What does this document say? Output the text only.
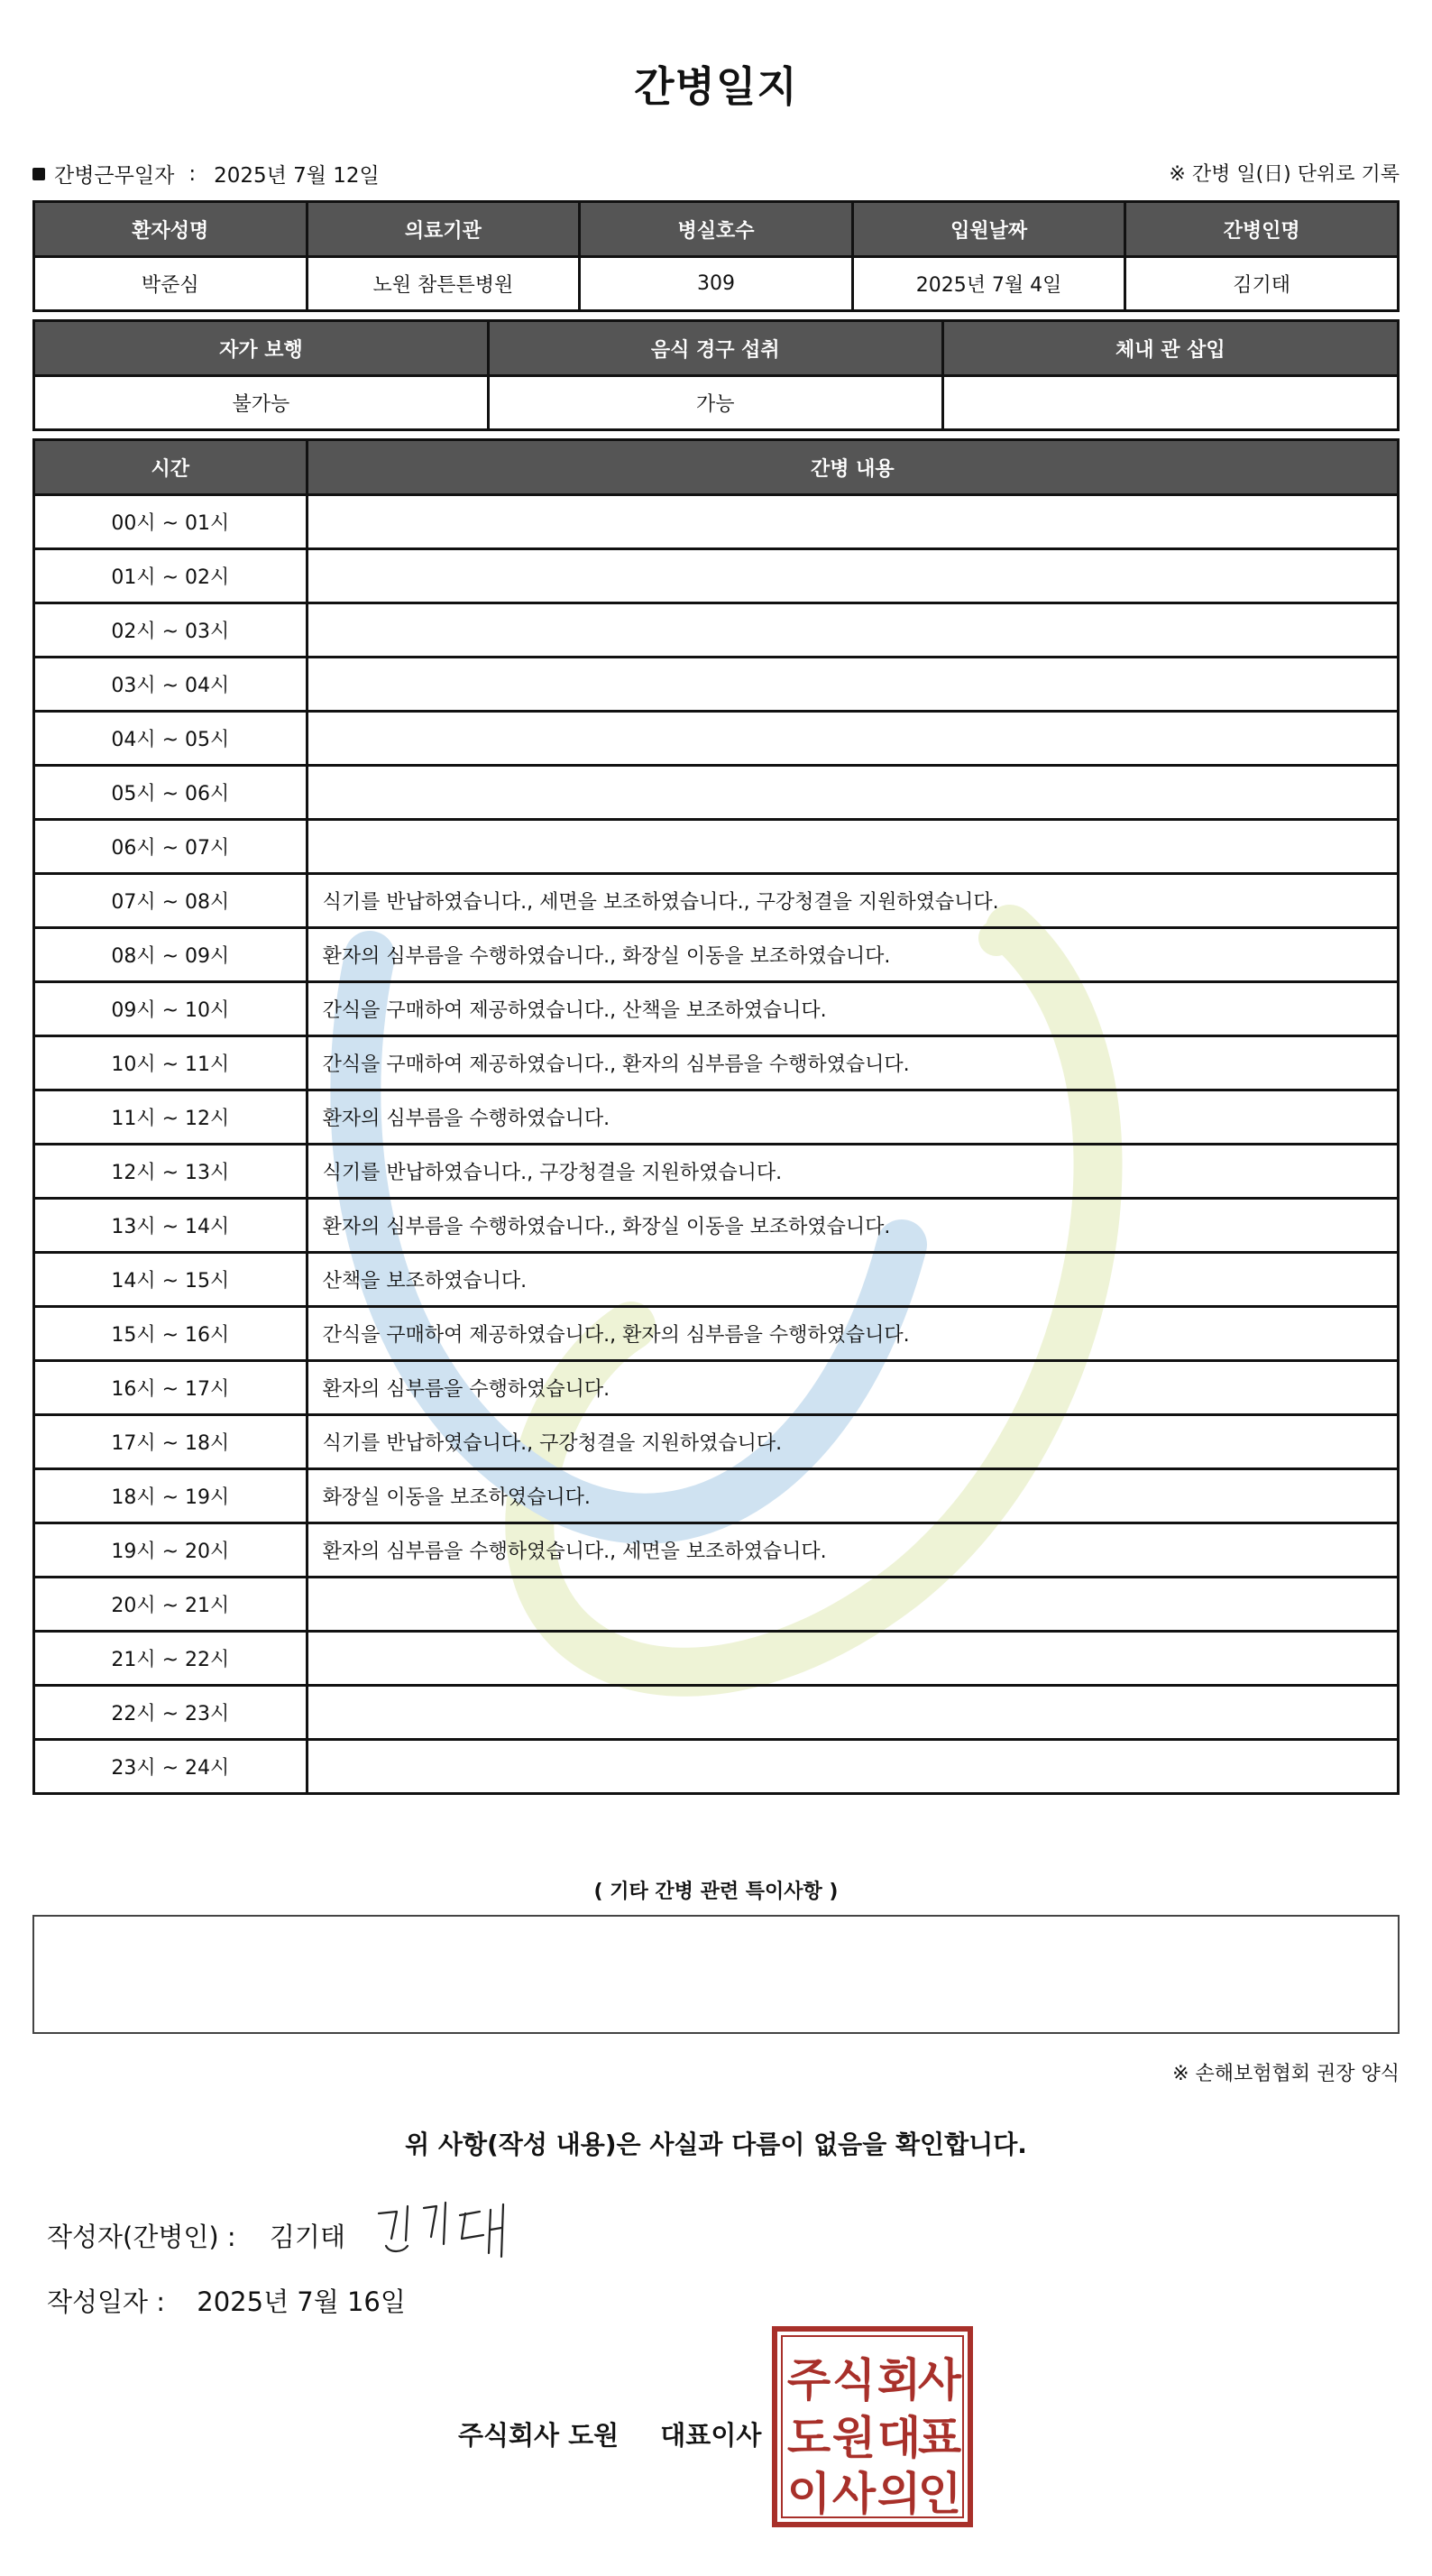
간병일지
간병근무일자 : 2025년 7월 12일	※ 간병 일(日) 단위로 기록
환자성명	의료기관	병실호수	입원날짜	간병인명
박준심	노원 참튼튼병원	309	2025년 7월 4일	김기태
자가 보행	음식 경구 섭취	체내 관 삽입
불가능	가능	
시간	간병 내용
00시 ~ 01시	
01시 ~ 02시	
02시 ~ 03시	
03시 ~ 04시	
04시 ~ 05시	
05시 ~ 06시	
06시 ~ 07시	
07시 ~ 08시	식기를 반납하였습니다., 세면을 보조하였습니다., 구강청결을 지원하였습니다.
08시 ~ 09시	환자의 심부름을 수행하였습니다., 화장실 이동을 보조하였습니다.
09시 ~ 10시	간식을 구매하여 제공하였습니다., 산책을 보조하였습니다.
10시 ~ 11시	간식을 구매하여 제공하였습니다., 환자의 심부름을 수행하였습니다.
11시 ~ 12시	환자의 심부름을 수행하였습니다.
12시 ~ 13시	식기를 반납하였습니다., 구강청결을 지원하였습니다.
13시 ~ 14시	환자의 심부름을 수행하였습니다., 화장실 이동을 보조하였습니다.
14시 ~ 15시	산책을 보조하였습니다.
15시 ~ 16시	간식을 구매하여 제공하였습니다., 환자의 심부름을 수행하였습니다.
16시 ~ 17시	환자의 심부름을 수행하였습니다.
17시 ~ 18시	식기를 반납하였습니다., 구강청결을 지원하였습니다.
18시 ~ 19시	화장실 이동을 보조하였습니다.
19시 ~ 20시	환자의 심부름을 수행하였습니다., 세면을 보조하였습니다.
20시 ~ 21시	
21시 ~ 22시	
22시 ~ 23시	
23시 ~ 24시	
( 기타 간병 관련 특이사항 )
※ 손해보험협회 권장 양식
위 사항(작성 내용)은 사실과 다름이 없음을 확인합니다.
작성자(간병인) : 김기태
작성일자 : 2025년 7월 16일
주식회사 도원 대표이사
주 식 회
사
도 원 대
표
이 사 의
인
